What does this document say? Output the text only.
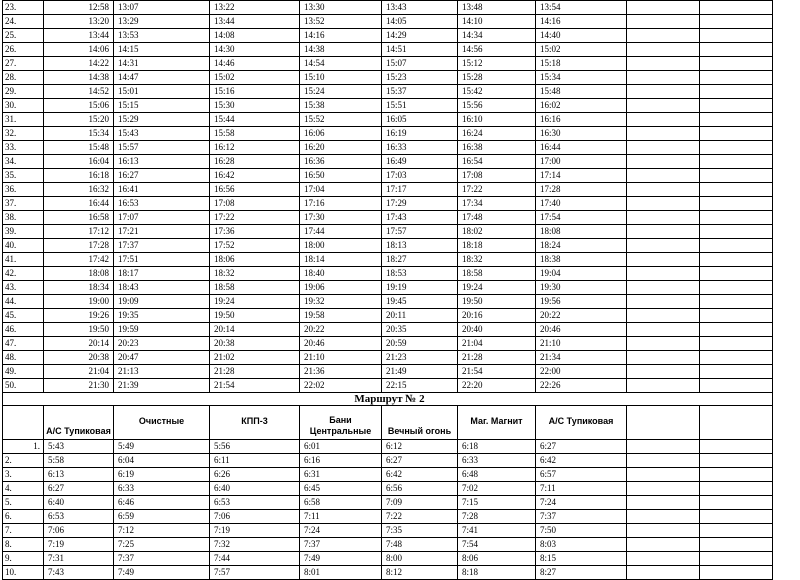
23.	12:58	13:07	13:22	13:30	13:43	13:48	13:54		
24.	13:20	13:29	13:44	13:52	14:05	14:10	14:16		
25.	13:44	13:53	14:08	14:16	14:29	14:34	14:40		
26.	14:06	14:15	14:30	14:38	14:51	14:56	15:02		
27.	14:22	14:31	14:46	14:54	15:07	15:12	15:18		
28.	14:38	14:47	15:02	15:10	15:23	15:28	15:34		
29.	14:52	15:01	15:16	15:24	15:37	15:42	15:48		
30.	15:06	15:15	15:30	15:38	15:51	15:56	16:02		
31.	15:20	15:29	15:44	15:52	16:05	16:10	16:16		
32.	15:34	15:43	15:58	16:06	16:19	16:24	16:30		
33.	15:48	15:57	16:12	16:20	16:33	16:38	16:44		
34.	16:04	16:13	16:28	16:36	16:49	16:54	17:00		
35.	16:18	16:27	16:42	16:50	17:03	17:08	17:14		
36.	16:32	16:41	16:56	17:04	17:17	17:22	17:28		
37.	16:44	16:53	17:08	17:16	17:29	17:34	17:40		
38.	16:58	17:07	17:22	17:30	17:43	17:48	17:54		
39.	17:12	17:21	17:36	17:44	17:57	18:02	18:08		
40.	17:28	17:37	17:52	18:00	18:13	18:18	18:24		
41.	17:42	17:51	18:06	18:14	18:27	18:32	18:38		
42.	18:08	18:17	18:32	18:40	18:53	18:58	19:04		
43.	18:34	18:43	18:58	19:06	19:19	19:24	19:30		
44.	19:00	19:09	19:24	19:32	19:45	19:50	19:56		
45.	19:26	19:35	19:50	19:58	20:11	20:16	20:22		
46.	19:50	19:59	20:14	20:22	20:35	20:40	20:46		
47.	20:14	20:23	20:38	20:46	20:59	21:04	21:10		
48.	20:38	20:47	21:02	21:10	21:23	21:28	21:34		
49.	21:04	21:13	21:28	21:36	21:49	21:54	22:00		
50.	21:30	21:39	21:54	22:02	22:15	22:20	22:26		
Маршрут № 2									
	А/С Тупиковая	Очистные	КПП-3	Бани Центральные	Вечный огонь	Маг. Магнит	А/С Тупиковая		
1.	5:43	5:49	5:56	6:01	6:12	6:18	6:27		
2.	5:58	6:04	6:11	6:16	6:27	6:33	6:42		
3.	6:13	6:19	6:26	6:31	6:42	6:48	6:57		
4.	6:27	6:33	6:40	6:45	6:56	7:02	7:11		
5.	6:40	6:46	6:53	6:58	7:09	7:15	7:24		
6.	6:53	6:59	7:06	7:11	7:22	7:28	7:37		
7.	7:06	7:12	7:19	7:24	7:35	7:41	7:50		
8.	7:19	7:25	7:32	7:37	7:48	7:54	8:03		
9.	7:31	7:37	7:44	7:49	8:00	8:06	8:15		
10.	7:43	7:49	7:57	8:01	8:12	8:18	8:27		
